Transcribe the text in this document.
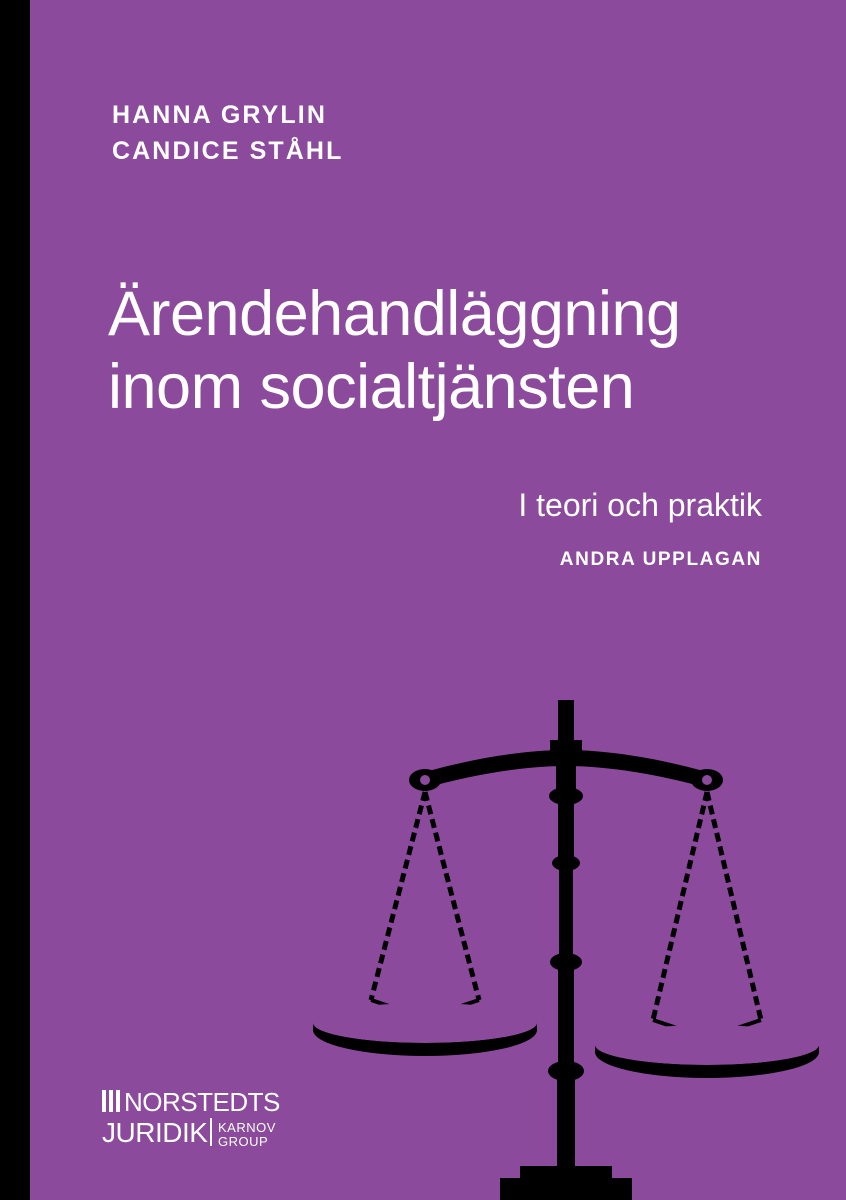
HANNA GRYLIN
CANDICE STÅHL
Ärendehandläggning
inom socialtjänsten
I teori och praktik
ANDRA UPPLAGAN
NORSTEDTS
JURIDIK KARNOV
GROUP
